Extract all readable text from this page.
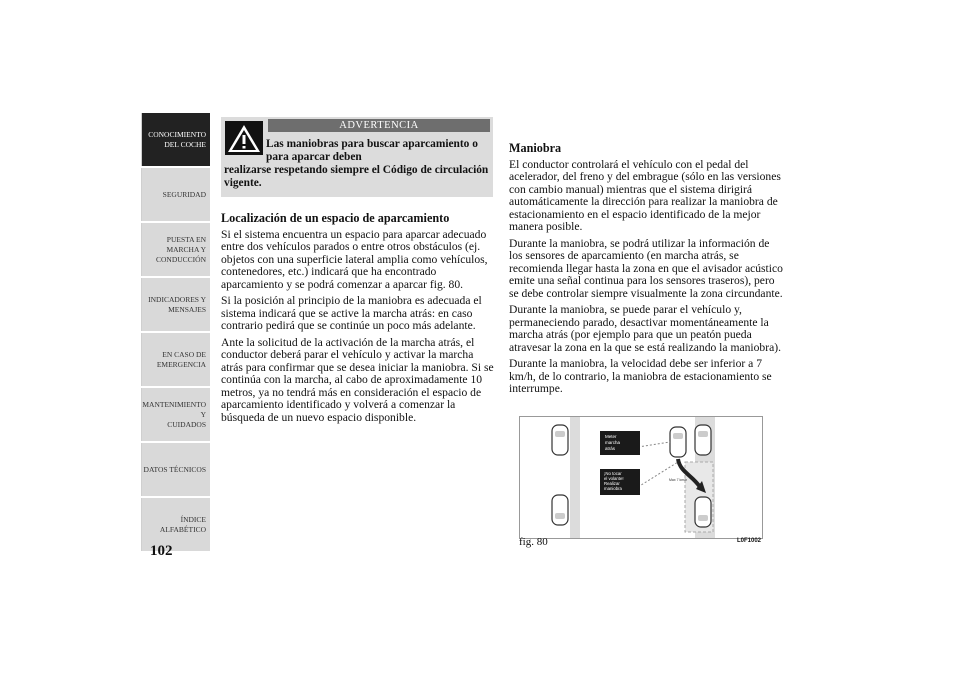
CONOCIMIENTO
DEL COCHE
SEGURIDAD
PUESTA EN
MARCHA Y
CONDUCCIÓN
INDICADORES Y
MENSAJES
EN CASO DE
EMERGENCIA
MANTENIMIENTO Y
CUIDADOS
DATOS TÉCNICOS
ÍNDICE
ALFABÉTICO
102
ADVERTENCIA
Las maniobras para buscar aparcamiento o para aparcar deben
realizarse respetando siempre el Código de circulación vigente.
Localización de un espacio de aparcamiento

Si el sistema encuentra un espacio para aparcar adecuado entre dos vehículos parados o entre otros obstáculos (ej. objetos con una superficie lateral amplia como vehículos, contenedores, etc.) indicará que ha encontrado aparcamiento y se podrá comenzar a aparcar fig. 80.

Si la posición al principio de la maniobra es adecuada el sistema indicará que se active la marcha atrás: en caso contrario pedirá que se continúe un poco más adelante.

Ante la solicitud de la activación de la marcha atrás, el conductor deberá parar el vehículo y activar la marcha atrás para confirmar que se desea iniciar la maniobra. Si se continúa con la marcha, al cabo de aproximadamente 10 metros, ya no tendrá más en consideración el espacio de aparcamiento identificado y volverá a comenzar la búsqueda de un nuevo espacio disponible.

Maniobra

El conductor controlará el vehículo con el pedal del acelerador, del freno y del embrague (sólo en las versiones con cambio manual) mientras que el sistema dirigirá automáticamente la dirección para realizar la maniobra de estacionamiento en el espacio identificado de la mejor manera posible.

Durante la maniobra, se podrá utilizar la información de los sensores de aparcamiento (en marcha atrás, se recomienda llegar hasta la zona en que el avisador acústico emite una señal continua para los sensores traseros), pero se debe controlar siempre visualmente la zona circundante.

Durante la maniobra, se puede parar el vehículo y, permaneciendo parado, desactivar momentáneamente la marcha atrás (por ejemplo para que un peatón pueda atravesar la zona en la que se está realizando la maniobra).

Durante la maniobra, la velocidad debe ser inferior a 7 km/h, de lo contrario, la maniobra de estacionamiento se interrumpe.

Meter
marcha
atrás
¡No tocar
el volante!
Realizar
maniobra
Max 7 km/h
fig. 80	L0F1002
